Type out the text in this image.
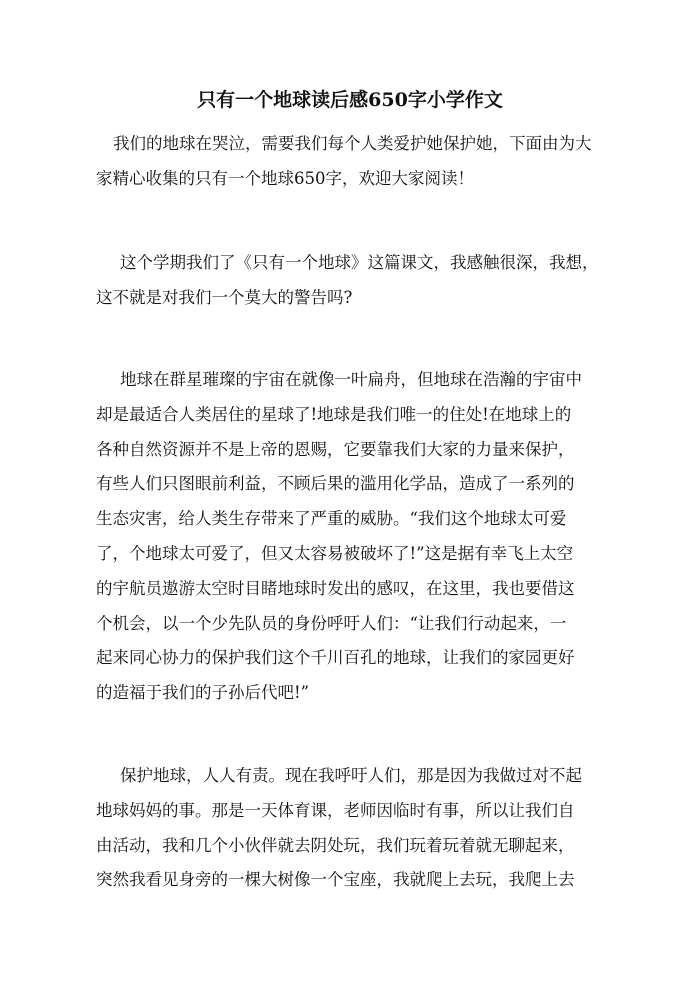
只有一个地球读后感650字小学作文
我们的地球在哭泣，需要我们每个人类爱护她保护她，下面由为大
家精心收集的只有一个地球650字，欢迎大家阅读！
这个学期我们了《只有一个地球》这篇课文，我感触很深，我想，
这不就是对我们一个莫大的警告吗?
地球在群星璀璨的宇宙在就像一叶扁舟，但地球在浩瀚的宇宙中
却是最适合人类居住的星球了!地球是我们唯一的住处!在地球上的
各种自然资源并不是上帝的恩赐，它要靠我们大家的力量来保护，
有些人们只图眼前利益，不顾后果的滥用化学品，造成了一系列的
生态灾害，给人类生存带来了严重的威胁。“我们这个地球太可爱
了，个地球太可爱了，但又太容易被破坏了!”这是据有幸飞上太空
的宇航员遨游太空时目睹地球时发出的感叹，在这里，我也要借这
个机会，以一个少先队员的身份呼吁人们：“让我们行动起来，一
起来同心协力的保护我们这个千川百孔的地球，让我们的家园更好
的造福于我们的子孙后代吧!”
保护地球，人人有责。现在我呼吁人们，那是因为我做过对不起
地球妈妈的事。那是一天体育课，老师因临时有事，所以让我们自
由活动，我和几个小伙伴就去阴处玩，我们玩着玩着就无聊起来，
突然我看见身旁的一棵大树像一个宝座，我就爬上去玩，我爬上去
